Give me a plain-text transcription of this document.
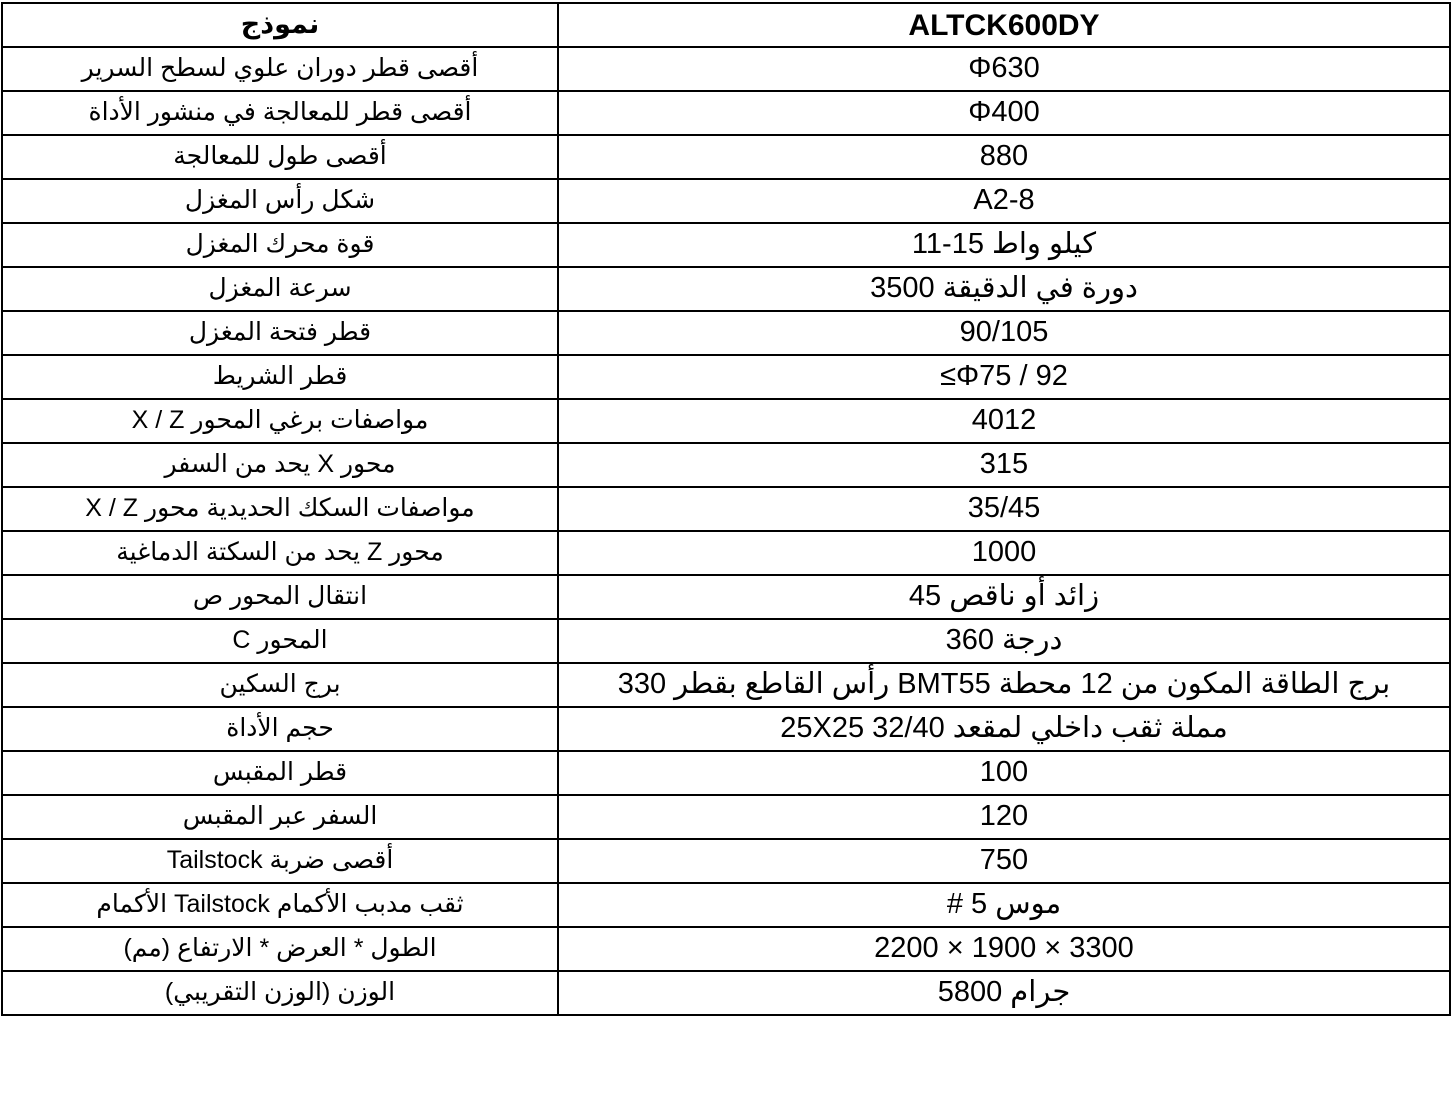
نموذج	ALTCK600DY
أقصى قطر دوران علوي لسطح السرير	Φ630
أقصى قطر للمعالجة في منشور الأداة	Φ400
أقصى طول للمعالجة	880
شكل رأس المغزل	A2-8
قوة محرك المغزل	كيلو واط 15-11
سرعة المغزل	دورة في الدقيقة 3500
قطر فتحة المغزل	90/105
قطر الشريط	≤Φ75 / 92
مواصفات برغي المحور X / Z	4012
محور X يحد من السفر	315
مواصفات السكك الحديدية محور X / Z	35/45
محور Z يحد من السكتة الدماغية	1000
انتقال المحور ص	زائد أو ناقص 45
المحور C	درجة 360
برج السكين	برج الطاقة المكون من 12 محطة BMT55 رأس القاطع بقطر 330
حجم الأداة	مملة ثقب داخلي لمقعد 32/40 25X25
قطر المقبس	100
السفر عبر المقبس	120
أقصى ضربة Tailstock	750
ثقب مدبب الأكمام Tailstock الأكمام	موس 5 #
الطول * العرض * الارتفاع (مم)	2200 × 1900 × 3300
الوزن (الوزن التقريبي)	جرام 5800
